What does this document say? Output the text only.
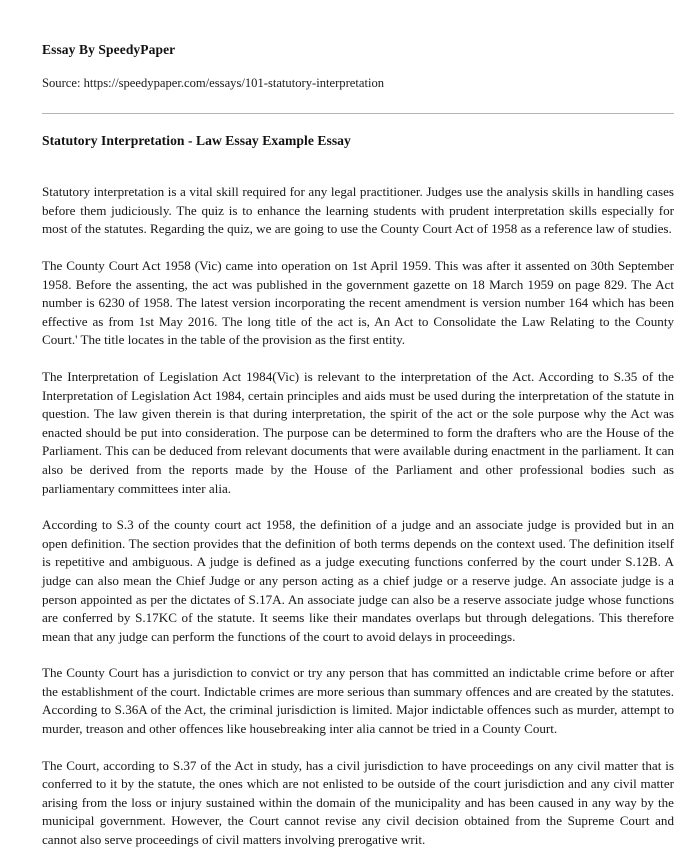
Essay By SpeedyPaper
Source: https://speedypaper.com/essays/101-statutory-interpretation
Statutory Interpretation - Law Essay Example Essay

Statutory interpretation is a vital skill required for any legal practitioner. Judges use the analysis skills in handling cases before them judiciously. The quiz is to enhance the learning students with prudent interpretation skills especially for most of the statutes. Regarding the quiz, we are going to use the County Court Act of 1958 as a reference law of studies.

The County Court Act 1958 (Vic) came into operation on 1st April 1959. This was after it assented on 30th September 1958. Before the assenting, the act was published in the government gazette on 18 March 1959 on page 829. The Act number is 6230 of 1958. The latest version incorporating the recent amendment is version number 164 which has been effective as from 1st May 2016. The long title of the act is, An Act to Consolidate the Law Relating to the County Court.' The title locates in the table of the provision as the first entity.

The Interpretation of Legislation Act 1984(Vic) is relevant to the interpretation of the Act. According to S.35 of the Interpretation of Legislation Act 1984, certain principles and aids must be used during the interpretation of the statute in question. The law given therein is that during interpretation, the spirit of the act or the sole purpose why the Act was enacted should be put into consideration. The purpose can be determined to form the drafters who are the House of the Parliament. This can be deduced from relevant documents that were available during enactment in the parliament. It can also be derived from the reports made by the House of the Parliament and other professional bodies such as parliamentary committees inter alia.

According to S.3 of the county court act 1958, the definition of a judge and an associate judge is provided but in an open definition. The section provides that the definition of both terms depends on the context used. The definition itself is repetitive and ambiguous. A judge is defined as a judge executing functions conferred by the court under S.12B. A judge can also mean the Chief Judge or any person acting as a chief judge or a reserve judge. An associate judge is a person appointed as per the dictates of S.17A. An associate judge can also be a reserve associate judge whose functions are conferred by S.17KC of the statute. It seems like their mandates overlaps but through delegations. This therefore mean that any judge can perform the functions of the court to avoid delays in proceedings.

The County Court has a jurisdiction to convict or try any person that has committed an indictable crime before or after the establishment of the court. Indictable crimes are more serious than summary offences and are created by the statutes. According to S.36A of the Act, the criminal jurisdiction is limited. Major indictable offences such as murder, attempt to murder, treason and other offences like housebreaking inter alia cannot be tried in a County Court.

The Court, according to S.37 of the Act in study, has a civil jurisdiction to have proceedings on any civil matter that is conferred to it by the statute, the ones which are not enlisted to be outside of the court jurisdiction and any civil matter arising from the loss or injury sustained within the domain of the municipality and has been caused in any way by the municipal government. However, the Court cannot revise any civil decision obtained from the Supreme Court and cannot also serve proceedings of civil matters involving prerogative writ.
